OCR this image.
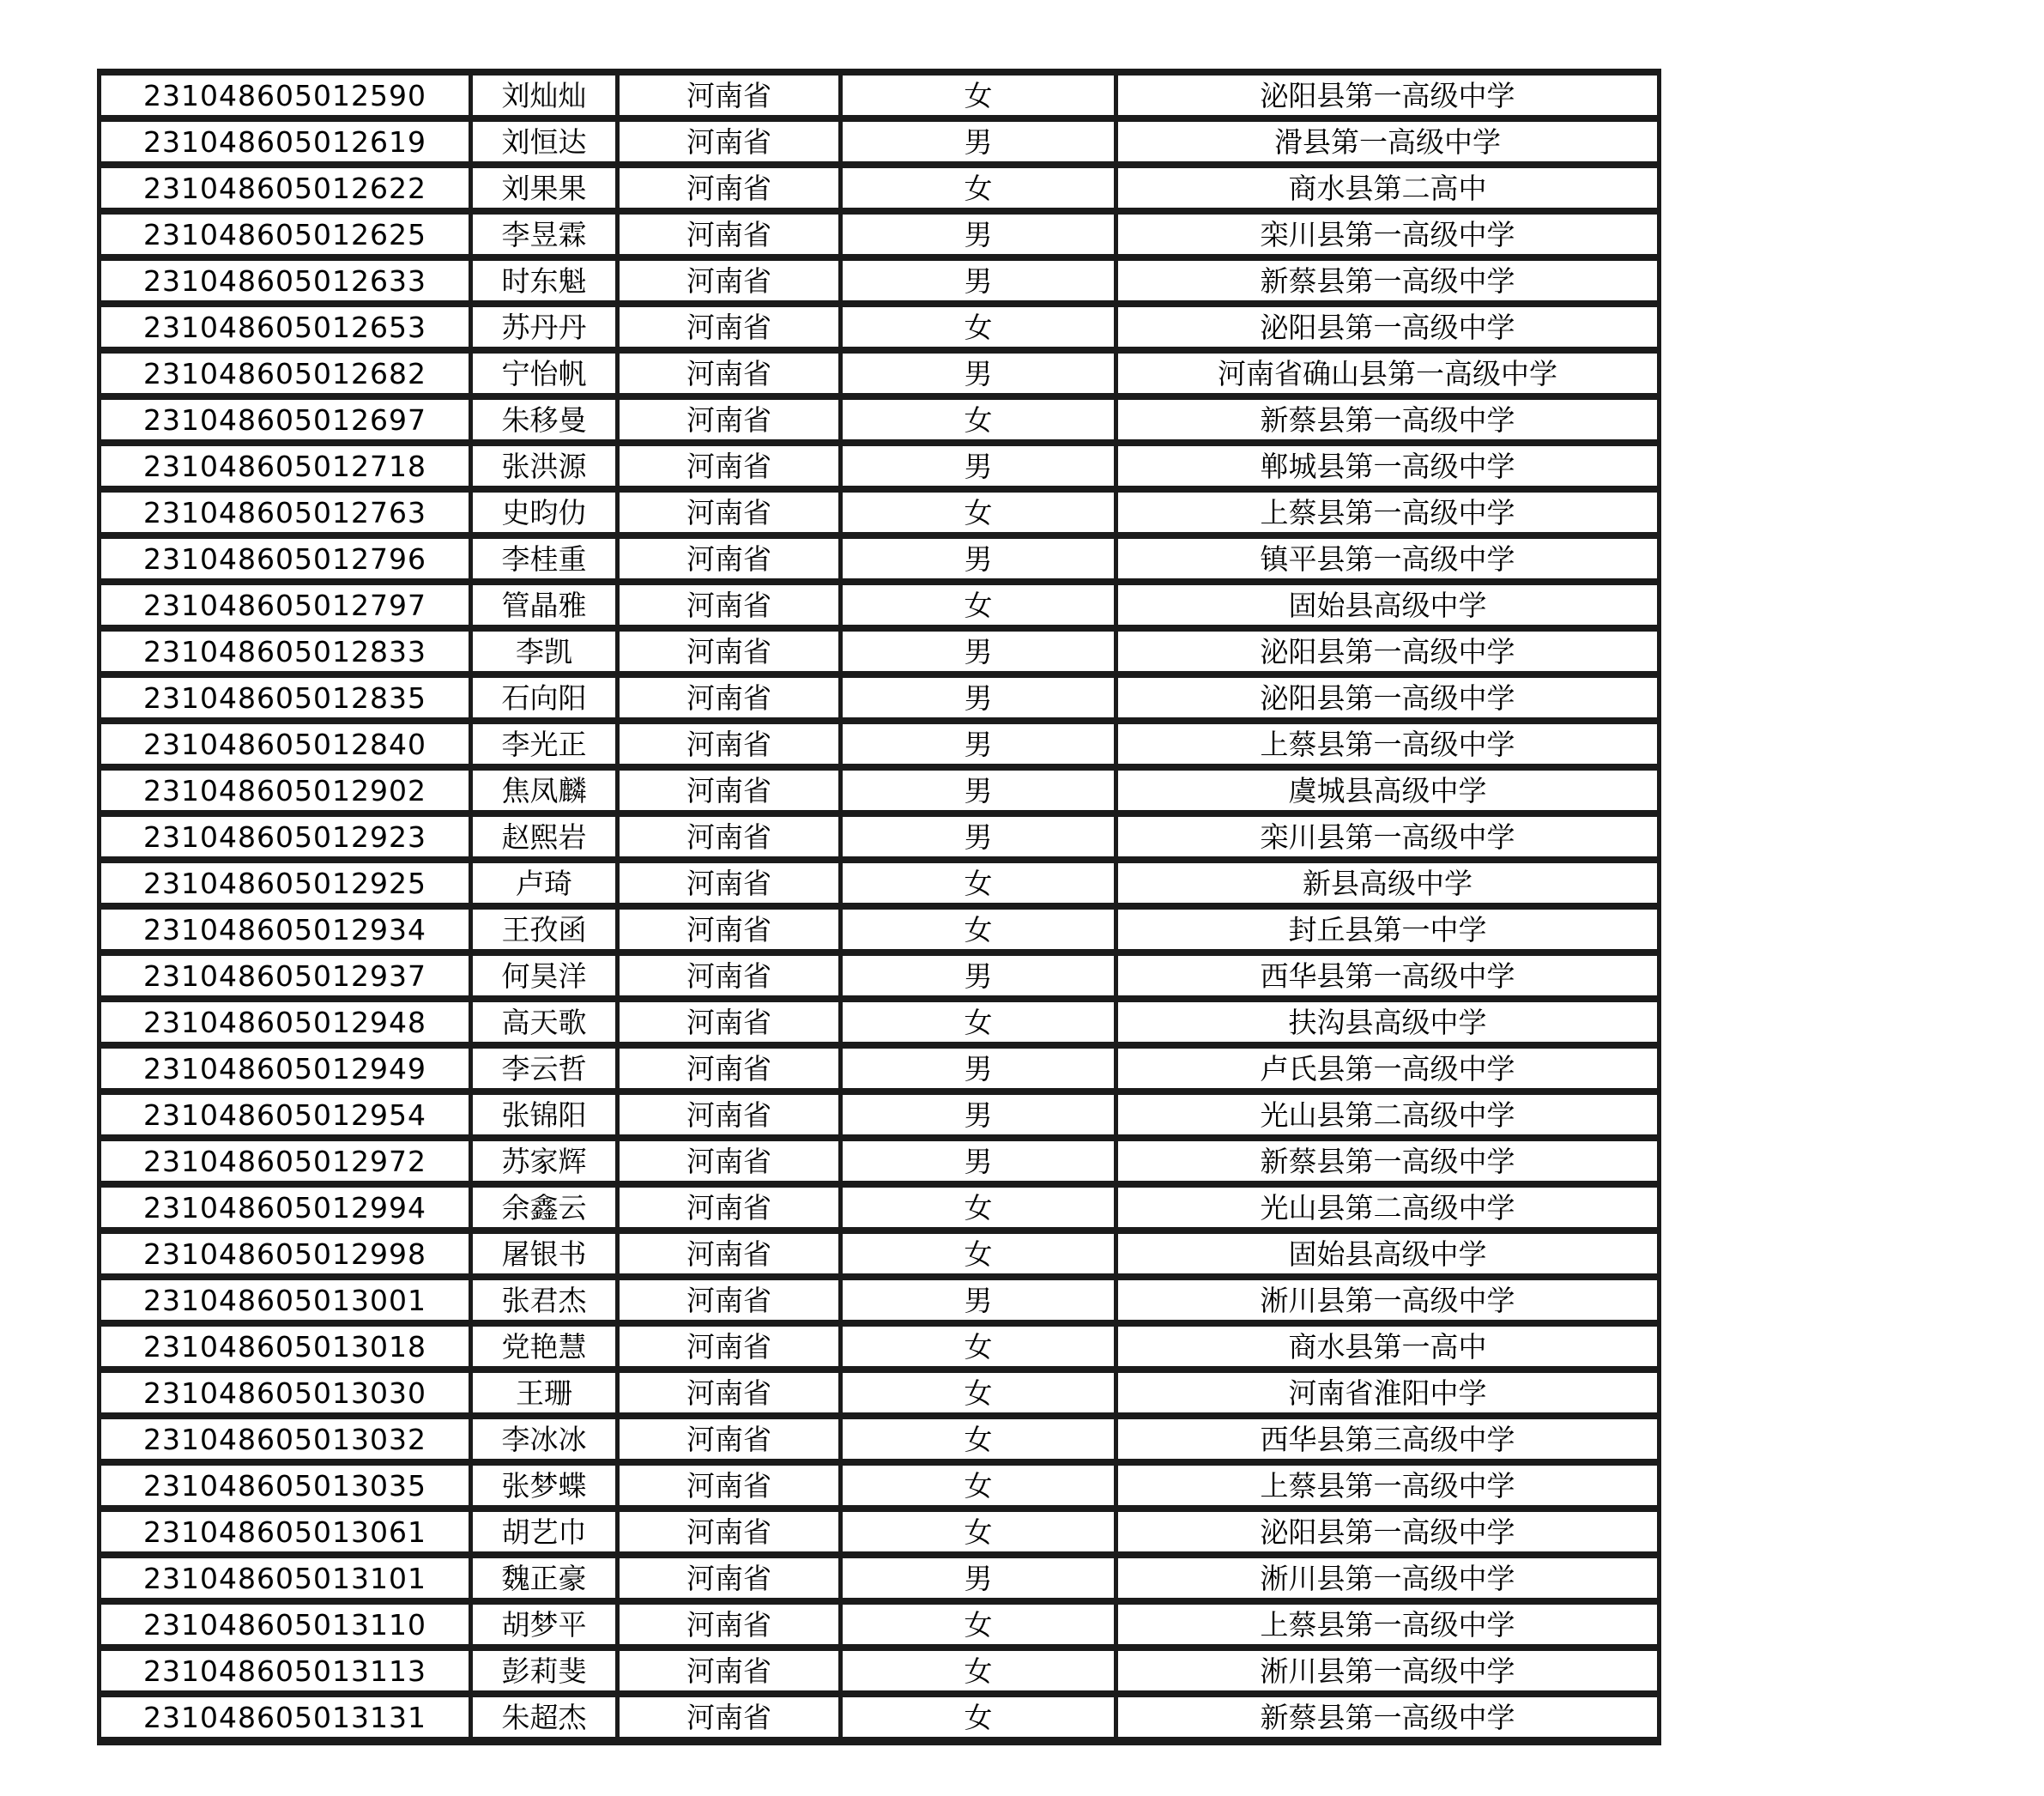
231048605012590	刘灿灿	河南省	女	泌阳县第一高级中学
231048605012619	刘恒达	河南省	男	滑县第一高级中学
231048605012622	刘果果	河南省	女	商水县第二高中
231048605012625	李昱霖	河南省	男	栾川县第一高级中学
231048605012633	时东魁	河南省	男	新蔡县第一高级中学
231048605012653	苏丹丹	河南省	女	泌阳县第一高级中学
231048605012682	宁怡帆	河南省	男	河南省确山县第一高级中学
231048605012697	朱移曼	河南省	女	新蔡县第一高级中学
231048605012718	张洪源	河南省	男	郸城县第一高级中学
231048605012763	史昀仂	河南省	女	上蔡县第一高级中学
231048605012796	李桂重	河南省	男	镇平县第一高级中学
231048605012797	管晶雅	河南省	女	固始县高级中学
231048605012833	李凯	河南省	男	泌阳县第一高级中学
231048605012835	石向阳	河南省	男	泌阳县第一高级中学
231048605012840	李光正	河南省	男	上蔡县第一高级中学
231048605012902	焦凤麟	河南省	男	虞城县高级中学
231048605012923	赵熙岩	河南省	男	栾川县第一高级中学
231048605012925	卢琦	河南省	女	新县高级中学
231048605012934	王孜函	河南省	女	封丘县第一中学
231048605012937	何昊洋	河南省	男	西华县第一高级中学
231048605012948	高天歌	河南省	女	扶沟县高级中学
231048605012949	李云哲	河南省	男	卢氏县第一高级中学
231048605012954	张锦阳	河南省	男	光山县第二高级中学
231048605012972	苏家辉	河南省	男	新蔡县第一高级中学
231048605012994	余鑫云	河南省	女	光山县第二高级中学
231048605012998	屠银书	河南省	女	固始县高级中学
231048605013001	张君杰	河南省	男	淅川县第一高级中学
231048605013018	党艳慧	河南省	女	商水县第一高中
231048605013030	王珊	河南省	女	河南省淮阳中学
231048605013032	李冰冰	河南省	女	西华县第三高级中学
231048605013035	张梦蝶	河南省	女	上蔡县第一高级中学
231048605013061	胡艺巾	河南省	女	泌阳县第一高级中学
231048605013101	魏正豪	河南省	男	淅川县第一高级中学
231048605013110	胡梦平	河南省	女	上蔡县第一高级中学
231048605013113	彭莉斐	河南省	女	淅川县第一高级中学
231048605013131	朱超杰	河南省	女	新蔡县第一高级中学
